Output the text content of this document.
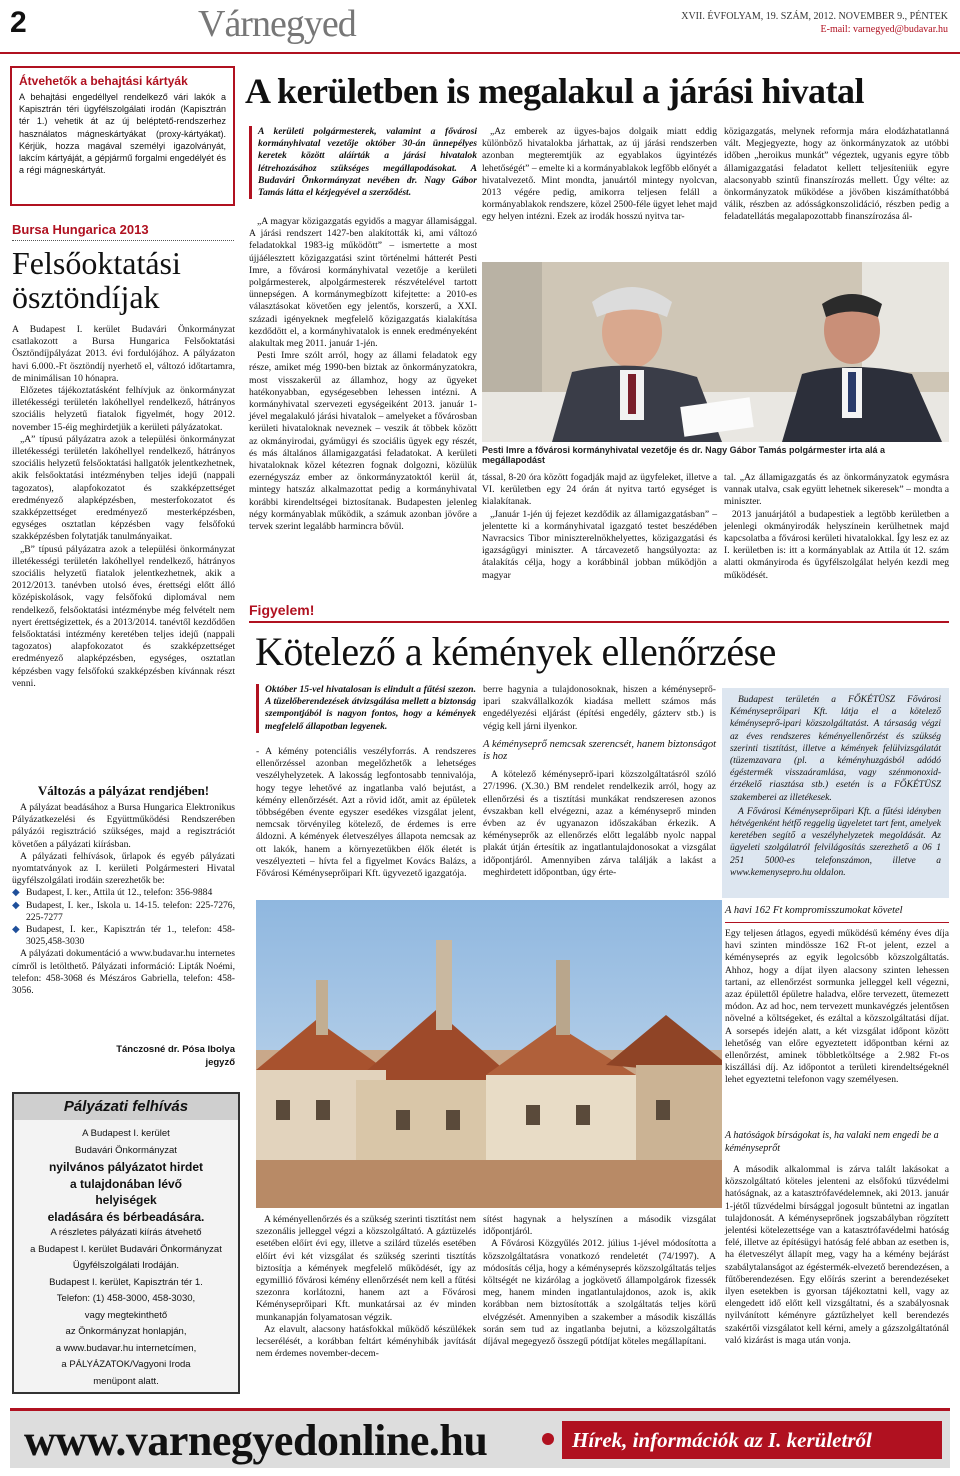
2	Várnegyed	XVII. ÉVFOLYAM, 19. SZÁM, 2012. NOVEMBER 9., PÉNTEK
E-mail: varnegyed@budavar.hu
Átvehetők a behajtási kártyák

A behajtási engedéllyel rendelkező vári lakók a Kapisztrán téri ügyfélszolgálati irodán (Kapisztrán tér 1.) vehetik át az új beléptető-rendszerhez használatos mágneskártyákat (proxy-kártyákat). Kérjük, hozza magával személyi igazolványát, lakcím kártyáját, a gépjármű forgalmi engedélyét és a régi mágneskártyát.

Bursa Hungarica 2013
Felsőoktatási
ösztöndíjak

A Budapest I. kerület Budavári Önkormányzat csatlakozott a Bursa Hungarica Felsőoktatási Ösztöndíjpályázat 2013. évi fordulójához. A pályázaton havi 6.000.-Ft ösztöndíj nyerhető el, változó időtartamra, de minimálisan 10 hónapra.

Előzetes tájékoztatásként felhívjuk az önkormányzat illetékességi területén lakóhellyel rendelkező, hátrányos szociális helyzetű fiatalok figyelmét, hogy 2012. november 15-éig meghirdetjük a kerületi pályázatokat.

„A” típusú pályázatra azok a települési önkormányzat illetékességi területén lakóhellyel rendelkező, hátrányos szociális helyzetű felsőoktatási hallgatók jelentkezhetnek, akik felsőoktatási intézményben teljes idejű (nappali tagozatos), alapfokozatot és szakképzettséget eredményező alapképzésben, mesterfokozatot és szakképzettséget eredményező mesterképzésben, egységes osztatlan képzésben vagy felsőfokú szakképzésben folytatják tanulmányaikat.

„B” típusú pályázatra azok a települési önkormányzat illetékességi területén lakóhellyel rendelkező, hátrányos szociális helyzetű fiatalok jelentkezhetnek, akik a 2012/2013. tanévben utolsó éves, érettségi előtt álló középiskolások, vagy felsőfokú diplomával nem rendelkező, felsőoktatási intézménybe még felvételt nem nyert érettségizettek, és a 2013/2014. tanévtől kezdődően felsőoktatási intézmény keretében teljes idejű (nappali tagozatos) alapfokozatot és szakképzettséget eredményező alapképzésben, egységes, osztatlan képzésben vagy felsőfokú szakképzésben kívánnak részt venni.

Változás a pályázat rendjében!

A pályázat beadásához a Bursa Hungarica Elektronikus Pályázatkezelési és Együttműködési Rendszerében pályázói regisztráció szükséges, majd a regisztrációt követően a pályázati kiírásban.

A pályázati felhívások, űrlapok és egyéb pályázati nyomtatványok az I. kerületi Polgármesteri Hivatal ügyfélszolgálati irodáin szerezhetők be:

◆ Budapest, I. ker., Attila út 12., telefon: 356-9884

◆ Budapest, I. ker., Iskola u. 14-15. telefon: 225-7276, 225-7277

◆ Budapest, I. ker., Kapisztrán tér 1., telefon: 458-3025,458-3030

A pályázati dokumentáció a www.budavar.hu internetes címről is letölthető. Pályázati információ: Lipták Noémi, telefon: 458-3068 és Mészáros Gabriella, telefon: 458-3056.

Tánczosné dr. Pósa Ibolya
jegyző
Pályázati felhívás
A Budapest I. kerület
Budavári Önkormányzat
nyilvános pályázatot hirdet
a tulajdonában lévő
helyiségek
eladására és bérbeadására.
A részletes pályázati kiírás átvehető
a Budapest I. kerület Budavári Önkormányzat
Ügyfélszolgálati Irodáján.
Budapest I. kerület, Kapisztrán tér 1.
Telefon: (1) 458-3000, 458-3030,
vagy megtekinthető
az Önkormányzat honlapján,
a www.budavar.hu internetcímen,
a PÁLYÁZATOK/Vagyoni Iroda
menüpont alatt.
A kerületben is megalakul a járási hivatal
A kerületi polgármesterek, valamint a fővárosi kormányhivatal vezetője október 30-án ünnepélyes keretek között aláírták a járási hivatalok létrehozásához szükséges megállapodásokat. A Budavári Önkormányzat nevében dr. Nagy Gábor Tamás látta el kézjegyével a szerződést.

„A magyar közigazgatás egyidős a magyar államisággal. A járási rendszert 1427-ben alakították ki, ami változó feladatokkal 1983-ig működött” – ismertette a most újjáélesztett közigazgatási szint történelmi hátterét Pesti Imre, a fővárosi kormányhivatal vezetője a kerületi polgármesterek, alpolgármesterek részvételével tartott ünnepségen. A kormánymegbízott kifejtette: a 2010-es választásokat követően egy jelentős, korszerű, a XXI. századi igényeknek megfelelő közigazgatás kialakítása kezdődött el, a kormányhivatalok is ennek eredményeként alakultak meg 2011. január 1-jén.

Pesti Imre szólt arról, hogy az állami feladatok egy része, amiket még 1990-ben biztak az önkormányzatokra, most visszakerül az államhoz, hogy az ügyeket hatékonyabban, egységesebben lehessen intézni. A kormányhivatal szervezeti egységeiként 2013. január 1-jével megalakuló járási hivatalok – amelyeket a fővárosban kerületi hivataloknak neveznek – veszik át többek között az okmányirodai, gyámügyi és szociális ügyek egy részét, és más általános államigazgatási feladatokat. A kerületi hivataloknak közel kétezren fognak dolgozni, közülük ezernégyszáz ember az önkormányzatoktól kerül át, mintegy hatszáz alkalmazottat pedig a kormányhivatal korábbi kirendeltségei biztosítanak. Budapesten jelenleg négy kormányablak működik, a számuk azonban jövőre a tervek szerint legalább harmincra bővül.

„Az emberek az ügyes-bajos dolgaik miatt eddig különböző hivatalokba járhattak, az új járási rendszerben azonban megteremtjük az egyablakos ügyintézés lehetőségét” – emelte ki a kormányablakok legfőbb előnyét a hivatalvezető. Mint mondta, januártól mintegy nyolcvan, 2013 végére pedig, amikorra teljesen feláll a kormányablakok rendszere, közel 2500-féle ügyet lehet majd egy helyen intézni. Ezek az irodák hosszú nyitva tar-

közigazgatás, melynek reformja mára elodázhatatlanná vált. Megjegyezte, hogy az önkormányzatok az utóbbi időben „heroikus munkát” végeztek, ugyanis egyre több államigazgatási feladatot kellett teljesíteniük egyre alacsonyabb szintű finanszírozás mellett. Úgy vélte: az önkormányzatok működése a jövőben kiszámíthatóbbá válik, részben az adósságkonszolidáció, részben pedig a feladatellátás megalapozottabb finanszírozása ál-

Pesti Imre a fővárosi kormányhivatal vezetője és dr. Nagy Gábor Tamás polgármester irta alá a megállapodást

tással, 8-20 óra között fogadják majd az ügyfeleket, illetve a VI. kerületben egy 24 órán át nyitva tartó egységet is kialakítanak.

„Január 1-jén új fejezet kezdődik az államigazgatásban” – jelentette ki a kormányhivatal igazgató testet beszédében Navracsics Tibor miniszterelnökhelyettes, közigazgatási és igazságügyi miniszter. A tárcavezető hangsúlyozta: az átalakítás célja, hogy a korábbinál jobban működjön a magyar

tal. „Az államigazgatás és az önkormányzatok egymásra vannak utalva, csak együtt lehetnek sikeresek” – mondta a miniszter.

2013 januárjától a budapestiek a legtöbb kerületben a jelenlegi okmányirodák helyszínein kerülhetnek majd kapcsolatba a fővárosi kerületi hivatalokkal. Így lesz ez az I. kerületben is: itt a kormányablak az Attila út 12. szám alatti okmányiroda és ügyfélszolgálat helyén kezdi meg működését.

Figyelem!
Kötelező a kémények ellenőrzése
Október 15-vel hivatalosan is elindult a fűtési szezon. A tüzelőberendezések átvizsgálása mellett a biztonság szempontjából is nagyon fontos, hogy a kémények megfelelő állapotban legyenek.

- A kémény potenciális veszélyforrás. A rendszeres ellenőrzéssel azonban megelőzhetők a lehetséges veszélyhelyzetek. A lakosság legfontosabb tennivalója, hogy tegye lehetővé az ingatlanba való bejutást, a kémény ellenőrzését. Azt a rövid időt, amit az épületek többségében évente egyszer esedékes vizsgálat jelent, nemcsak törvényileg kötelező, de érdemes is erre áldozni. A kémények életveszélyes állapota nemcsak az ott lakók, hanem a környezetükben élők életét is veszélyezteti – hívta fel a figyelmet Kovács Balázs, a Fővárosi Kéményseprőipari Kft. ügyvezető igazgatója.

berre hagynia a tulajdonosoknak, hiszen a kéményseprő-ipari szakvállalkozók kiadása mellett számos más engedélyezési eljárást (építési engedély, gázterv stb.) is végig kell járni ilyenkor.

A kéményseprő nemcsak szerencsét, hanem biztonságot is hoz

A kötelező kéményseprő-ipari közszolgáltatásról szóló 27/1996. (X.30.) BM rendelet rendelkezik arról, hogy az ellenőrzési és a tisztítási munkákat rendszeresen azonos évszakban kell elvégezni, azaz a kéményseprő minden évben az év ugyanazon időszakában érkezik. A kéményseprők az ellenőrzés előtt legalább nyolc nappal plakát útján értesítik az ingatlantulajdonosokat a vizsgálat időpontjáról. Amennyiben zárva találják a lakást a meghirdetett időpontban, úgy érte-

Budapest területén a FŐKÉTÜSZ Fővárosi Kéményseprőipari Kft. látja el a kötelező kéményseprő-ipari közszolgáltatást. A társaság végzi az éves rendszeres kéményellenőrzést és szükség szerinti tisztítást, illetve a kémények felülvizsgálatát (tüzemzavara (pl. a kéményhuzgásból adódó égéstermék visszaáramlása, vagy szénmonoxid-érzékelő riasztása stb.) esetén is a FŐKÉTÜSZ szakemberei az illetékesek.

A Fővárosi Kéményseprőipari Kft. a fűtési idényben hétvégenként hétfő reggelig ügyeletet tart fent, amelyek keretében segítő a veszélyhelyzetek megoldását. Az ügyeleti szolgálatról felvilágosítás szerezhető a 06 1 251 5000-es telefonszámon, illetve a www.kemenysepro.hu oldalon.

A havi 162 Ft kompromisszumokat követel

Egy teljesen átlagos, egyedi működésű kémény éves díja havi szinten mindössze 162 Ft-ot jelent, ezzel a kéményseprés az egyik legolcsóbb közszolgáltatás. Ahhoz, hogy a díjat ilyen alacsony szinten lehessen tartani, az ellenőrzést sormunka jelleggel kell végezni, azaz épülettől épületre haladva, előre tervezett, ütemezett módon. Az ad hoc, nem tervezett munkavégzés jelentősen növelné a költségeket, és ezáltal a közszolgáltatási díjat. A sorsepés idején alatt, a két vizsgálat időpont között lehetőség van előre egyeztetett időpontban kérni az ellenőrzést, aminek többletköltsége a 2.982 Ft-os kiszállási díj. Az időpontot a területi kirendeltségeknél lehet egyeztetni telefonon vagy személyesen.

A hatóságok bírságokat is, ha valaki nem engedi be a kéményseprőt

A második alkalommal is zárva talált lakásokat a közszolgáltató köteles jelenteni az elsőfokú tűzvédelmi hatóságnak, az a katasztrófavédelemnek, aki 2013. január 1-jétől tűzvédelmi bírsággal jogosult büntetni az ingatlan tulajdonosát. A kéményseprőnek jogszabályban rögzített jelentési kötelezettsége van a katasztrófavédelmi hatóság felé, illetve az építésügyi hatóság felé abban az esetben is, ha életveszélyt állapít meg, vagy ha a kémény bejárást szabálytalanságot az égéstermék-elvezető berendezésen, a fűtőberendezésen. Egy előírás szerint a berendezéseket ilyen esetekben is gyorsan tájékoztatni kell, vagy az elengedett idő előtt kell vizsgáltatni, és a szabályosnak nyilvánított kéményre gáztűzhelyet kell berendezés szakértői vizsgálatot kell kérni, amely a gázszolgáltatónál való kizárást is maga után vonja.

A kéményellenőrzés és a szükség szerinti tisztítást nem szezonális jelleggel végzi a közszolgáltató. A gáztüzelés esetében előírt évi egy, illetve a szilárd tüzelés esetében előírt évi két vizsgálat és szükség szerinti tisztítás biztosítja a kémények megfelelő működését, így az egymillió fővárosi kémény ellenőrzését nem kell a fűtési szezonra korlátozni, hanem azt a Fővárosi Kéményseprőipari Kft. munkatársai az év minden munkanapján folyamatosan végzik.

Az elavult, alacsony hatásfokkal működő készülékek lecserélését, a korábban feltárt kéményhibák javítását nem érdemes november-decem-

sítést hagynak a helyszínen a második vizsgálat időpontjáról.

A Fővárosi Közgyűlés 2012. július 1-jével módosította a közszolgáltatásra vonatkozó rendeletét (74/1997). A módosítás célja, hogy a kéményseprés közszolgáltatás teljes költségét ne kizárólag a jogkövető állampolgárok fizessék meg, hanem minden ingatlantulajdonos, azok is, akik korábban nem biztosították a szolgáltatás teljes körű elvégzését. Amennyiben a szakember a második kiszállás során sem tud az ingatlanba bejutni, a közszolgáltatás díjával megegyező összegű pótdíjat köteles megállapítani.

www.varnegyedonline.hu	Hírek, információk az I. kerületről
